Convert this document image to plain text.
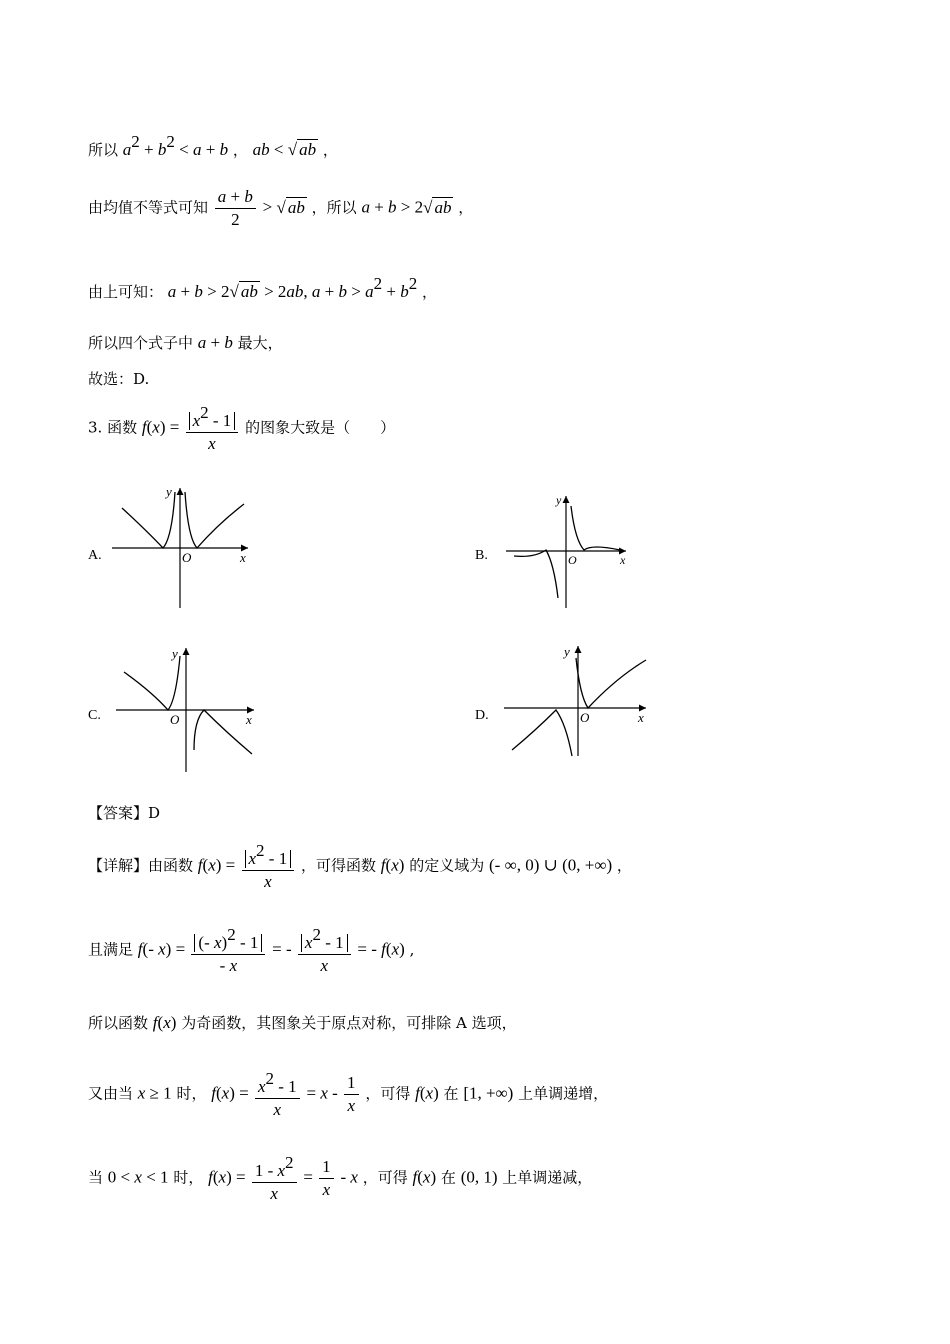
所以 $a^2 + b^2 < a + b$ ， ab < √ ab ，
由均值不等式可知 $\frac{a + b}{2}$ > √ ab ，所以 a + b > 2√ ab ，
由上可知： a + b > 2√ ab > 2ab, $a + b > a^2 + b^2$ ，
所以四个式子中 a + b 最大，
故选：D.
3. 函数 $f(x) = \frac{x^2 - 1}{x}$ 的图象大致是（　　）
A.	B.
C.	D.
y
x
O
y
x
O
y
x
O
y
x
O
【答案】D
【详解】由函数 $f(x) = \frac{x^2 - 1}{x}$ ，可得函数 f(x) 的定义域为 (- ∞, 0) ∪ (0, +∞) ，
且满足 f(- $x) = \frac{(- x)^2 - 1}{- x}$ = - $\frac{x^2 - 1}{x}$ = - f(x) ,
所以函数 f(x) 为奇函数，其图象关于原点对称，可排除 A 选项，
又由当 x ≥ 1 时， $f(x) = \frac{x^2 - 1}{x} = x - \frac{1}{x}$ ，可得 f(x) 在 [1, +∞) 上单调递增，
当 0 < x < 1 时， $f(x) = \frac{1 - x^2}{x} = \frac{1}{x} - x$ ，可得 f(x) 在 (0, 1) 上单调递减，
